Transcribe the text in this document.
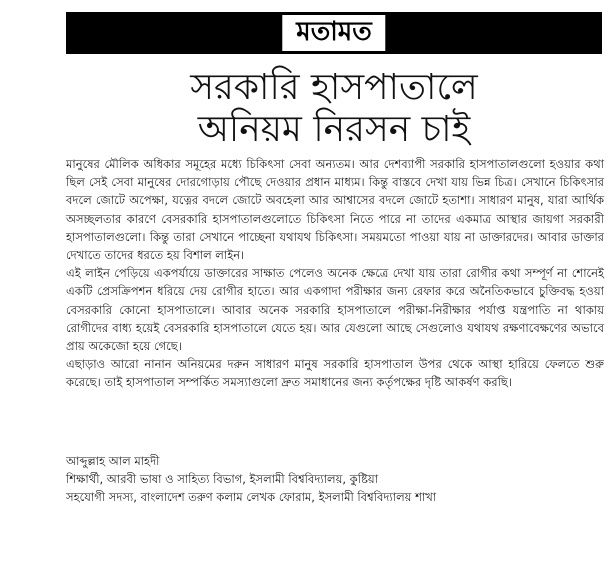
মতামত
সরকারি হাসপাতালে
অনিয়ম নিরসন চাই

মানুষের মৌলিক অধিকার সমূহের মধ্যে চিকিৎসা সেবা অন্যতম। আর দেশব্যাপী সরকারি হাসপাতালগুলো হওয়ার কথা ছিল সেই সেবা মানুষের দোরগোড়ায় পৌছে দেওয়ার প্রধান মাধ্যম। কিন্তু বাস্তবে দেখা যায় ভিন্ন চিত্র। সেখানে চিকিৎসার বদলে জোটে অপেক্ষা, যত্নের বদলে জোটে অবহেলা আর আশ্বাসের বদলে জোটে হতাশা। সাধারণ মানুষ, যারা আর্থিক অসচ্ছলতার কারণে বেসরকারি হাসপাতালগুলোতে চিকিৎসা নিতে পারে না তাদের একমাত্র আস্থার জায়গা সরকারী হাসপাতালগুলো। কিন্তু তারা সেখানে পাচ্ছেনা যথাযথ চিকিৎসা। সময়মতো পাওয়া যায় না ডাক্তারদের। আবার ডাক্তার দেখাতে তাদের ধরতে হয় বিশাল লাইন।

এই লাইন পেড়িয়ে একপর্যায়ে ডাক্তারের সাক্ষাত পেলেও অনেক ক্ষেত্রে দেখা যায় তারা রোগীর কথা সম্পূর্ণ না শোনেই একটি প্রেসক্রিপশন ধরিয়ে দেয় রোগীর হাতে। আর একগাদা পরীক্ষার জন্য রেফার করে অনৈতিকভাবে চুক্তিবদ্ধ হওয়া বেসরকারি কোনো হাসপাতালে। আবার অনেক সরকারি হাসপাতালে পরীক্ষা-নিরীক্ষার পর্যাপ্ত যন্ত্রপাতি না থাকায় রোগীদের বাধ্য হয়েই বেসরকারি হাসপাতালে যেতে হয়। আর যেগুলো আছে সেগুলোও যথাযথ রক্ষণাবেক্ষণের অভাবে প্রায় অকেজো হয়ে গেছে।

এছাড়াও আরো নানান অনিয়মের দরুন সাধারণ মানুষ সরকারি হাসপাতাল উপর থেকে আস্থা হারিয়ে ফেলতে শুরু করেছে। তাই হাসপাতাল সম্পর্কিত সমস্যাগুলো দ্রুত সমাধানের জন্য কর্তৃপক্ষের দৃষ্টি আকর্ষণ করছি।

আব্দুল্লাহ আল মাহদী
শিক্ষার্থী, আরবী ভাষা ও সাহিত্য বিভাগ, ইসলামী বিশ্ববিদ্যালয়, কুষ্টিয়া
সহযোগী সদস্য, বাংলাদেশ তরুণ কলাম লেখক ফোরাম, ইসলামী বিশ্ববিদ্যালয় শাখা
